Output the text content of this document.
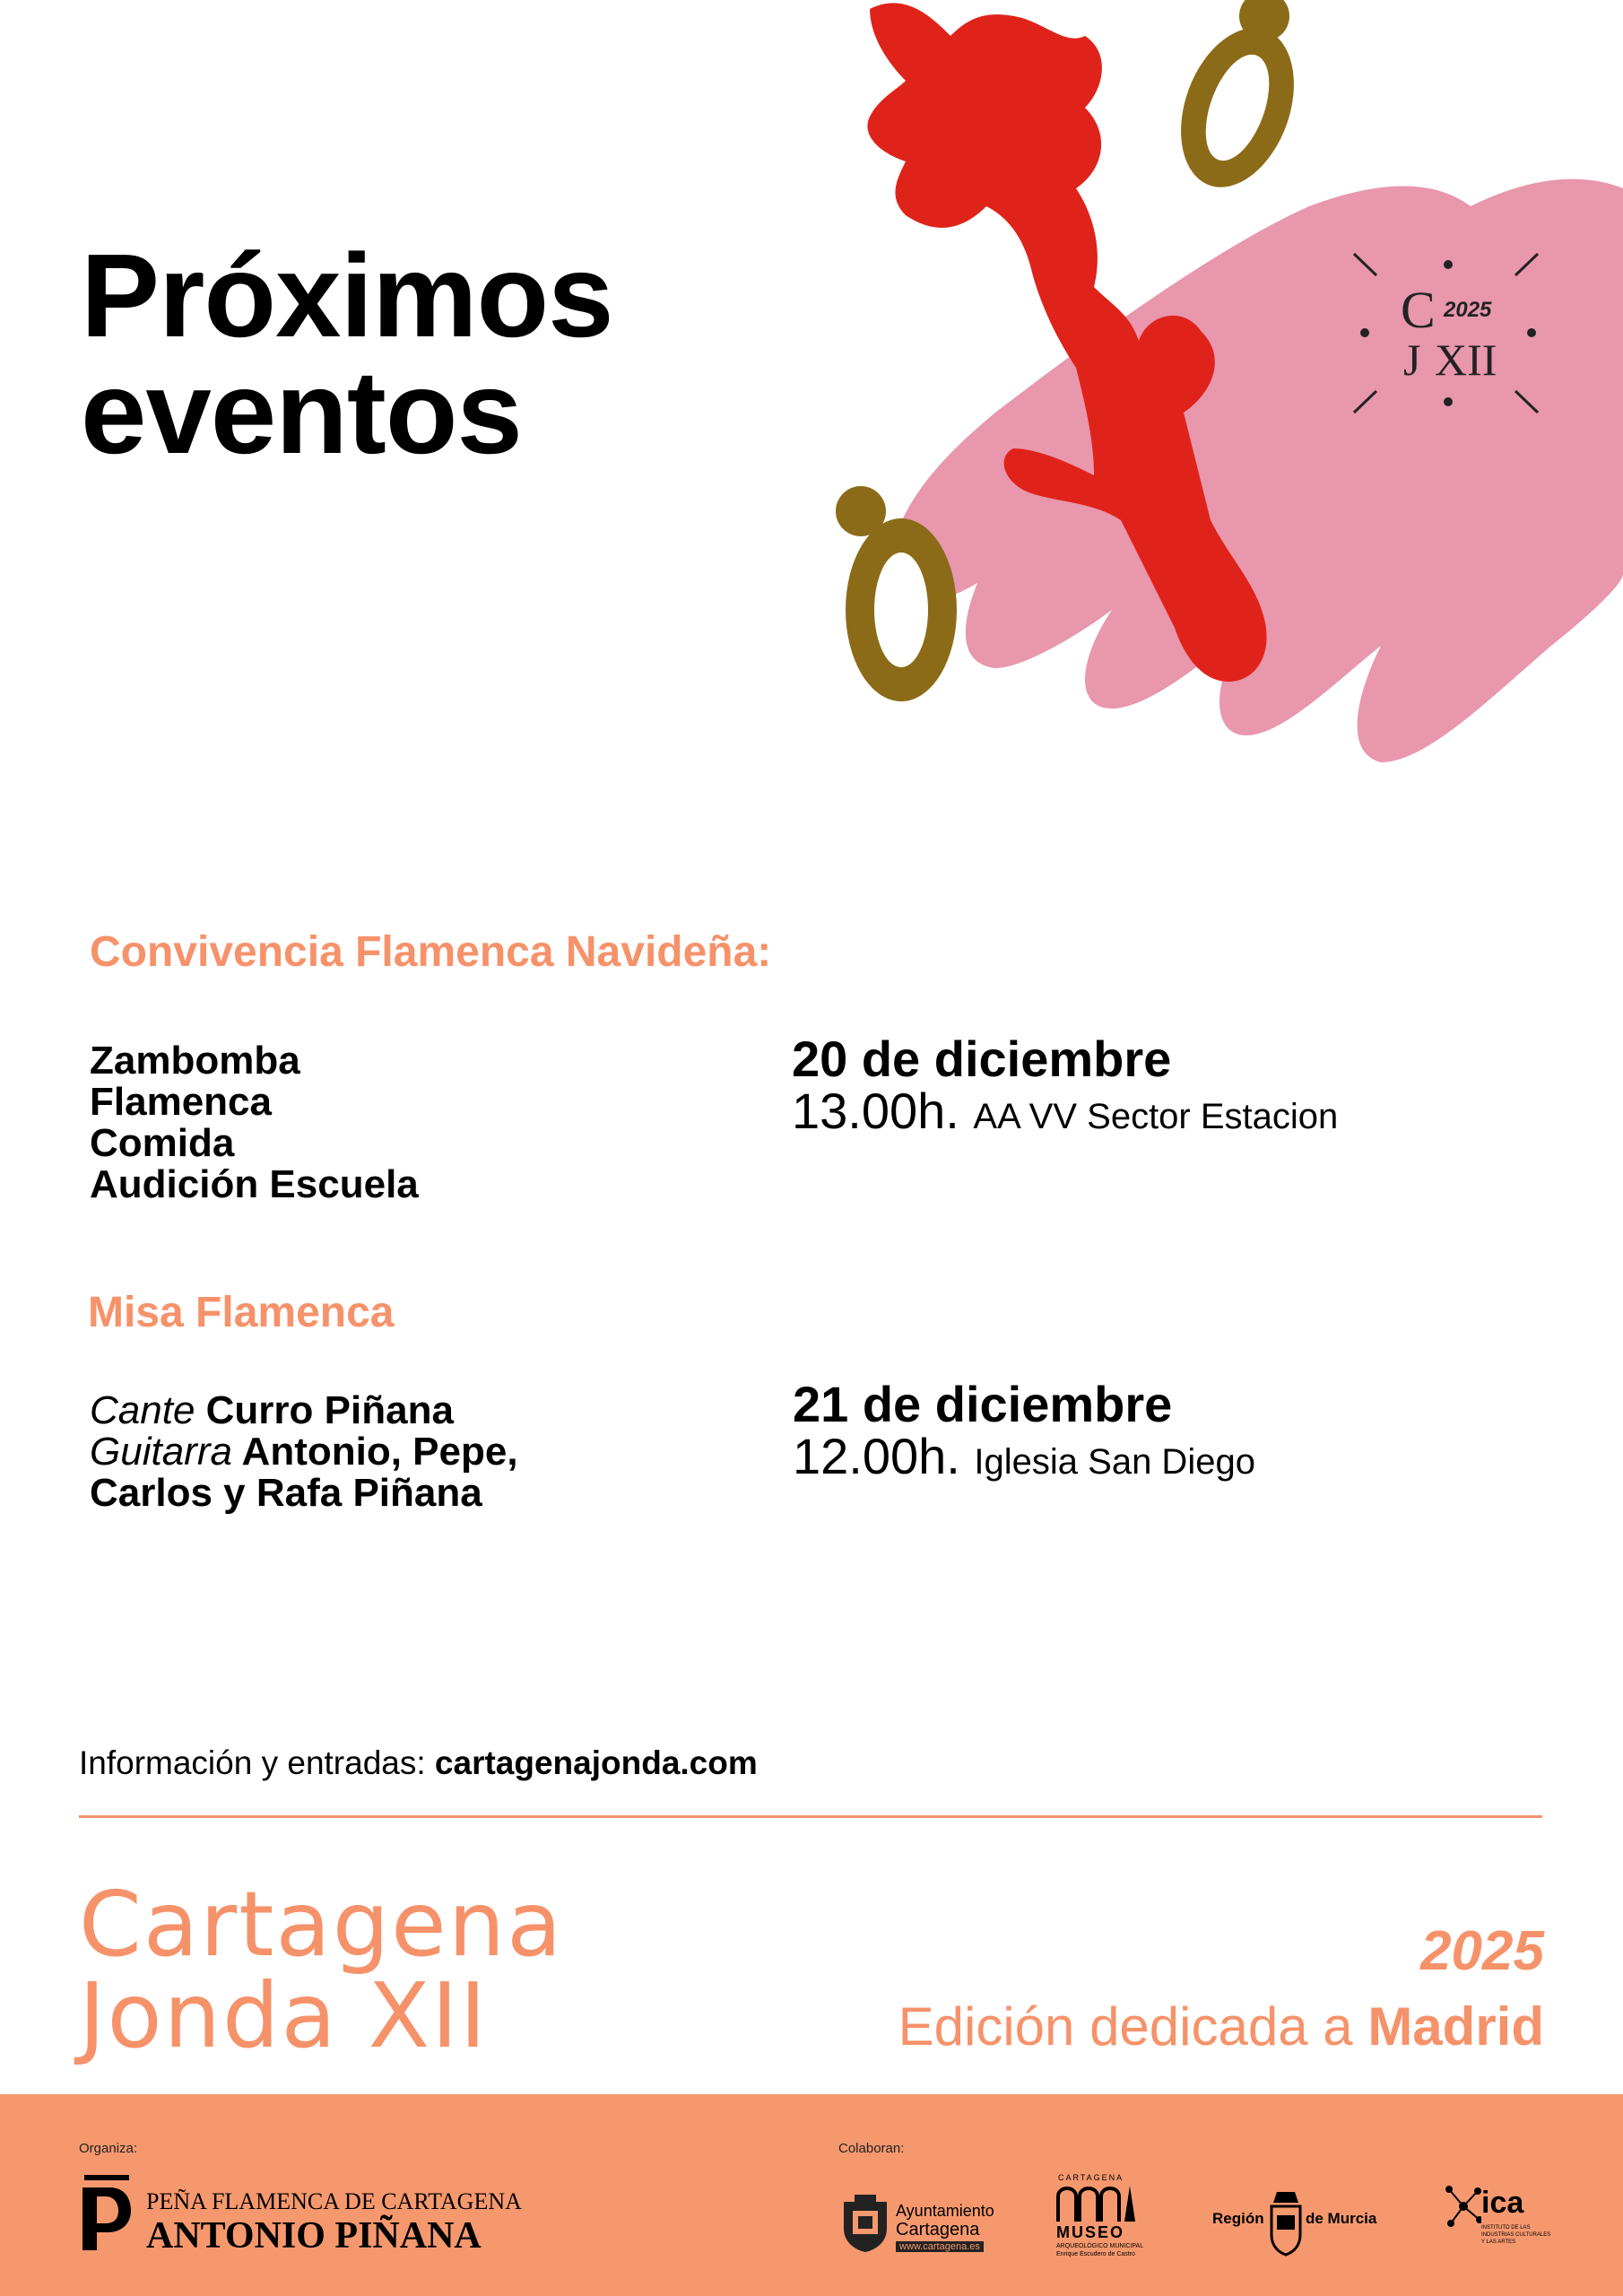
Próximos
eventos
C 2025
J XII
Convivencia Flamenca Navideña:
Zambomba
Flamenca
Comida
Audición Escuela
20 de diciembre
13.00h. AA VV Sector Estacion
Misa Flamenca
Cante Curro Piñana
Guitarra Antonio, Pepe,
Carlos y Rafa Piñana
21 de diciembre
12.00h. Iglesia San Diego
Información y entradas: cartagenajonda.com
Cartagena
Jonda XII
2025
Edición dedicada a Madrid
Organiza:	Colaboran:
PEÑA FLAMENCA DE CARTAGENA
ANTONIO PIÑANA
Ayuntamiento
Cartagena
www.cartagena.es
CARTAGENA
MUSEO
ARQUEOLÓGICO MUNICIPAL
Enrique Escudero de Castro
Región	de Murcia	ica
INSTITUTO DE LAS
INDUSTRIAS CULTURALES
Y LAS ARTES
